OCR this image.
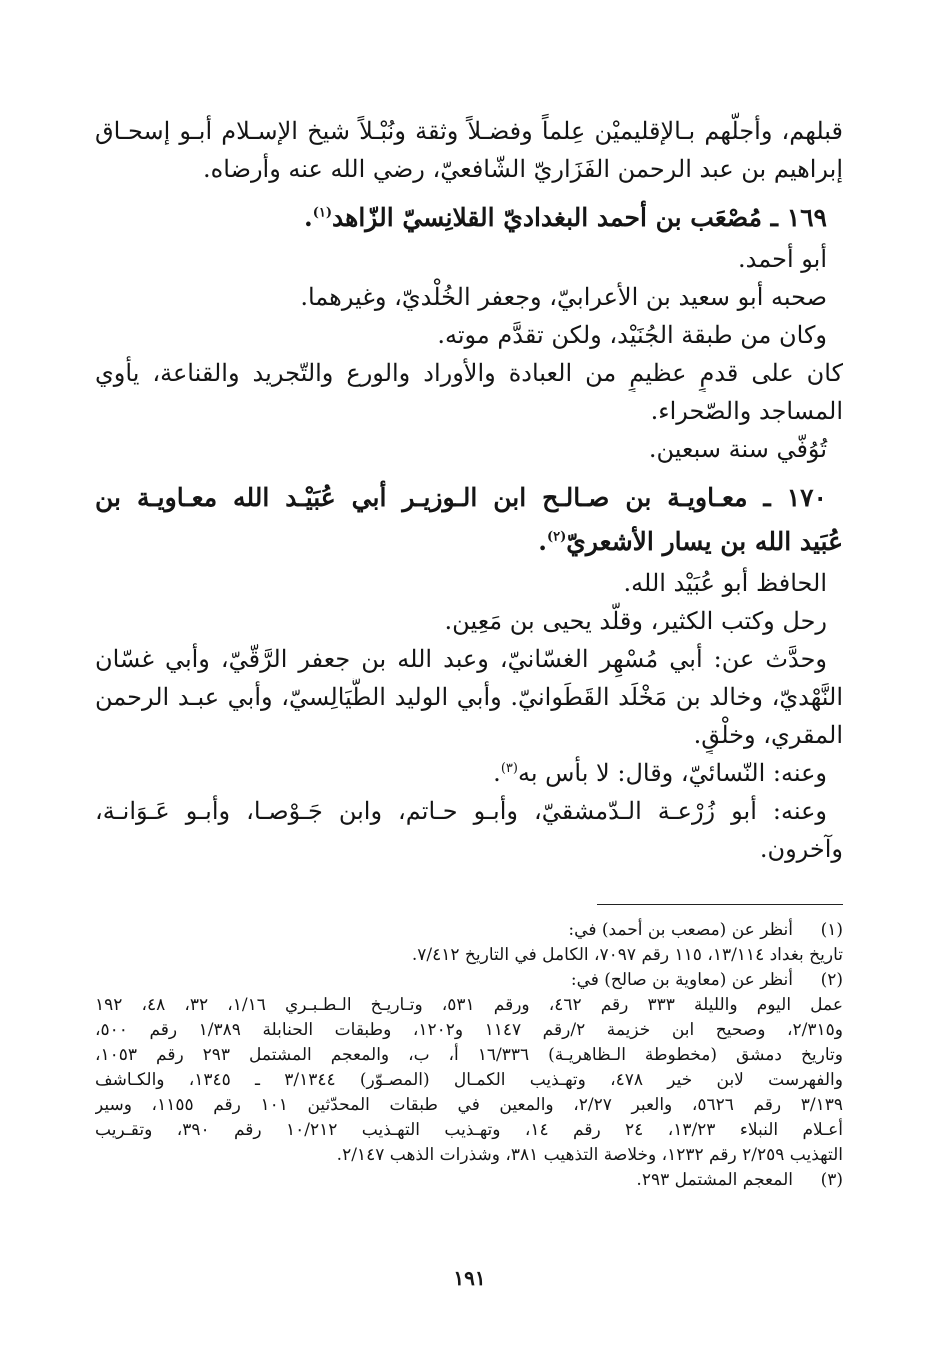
قبلهم، وأجلّهم بـالإقليميْن عِلماً وفضـلاً وثقة ونُبْـلاً شيخ الإسـلام أبـو إسحـاق
إبراهيم بن عبد الرحمن الفَزَاريّ الشّافعيّ، رضي الله عنه وأرضاه.
١٦٩ ـ مُصْعَب بن أحمد البغداديّ القلانِسيّ الزّاهد$^{(١)}$.
أبو أحمد.
صحبه أبو سعيد بن الأعرابيّ، وجعفر الخُلْديّ، وغيرهما.
وكان من طبقة الجُنَيْد، ولكن تقدَّم موته.
كان على قدمٍ عظيمٍ من العبادة والأوراد والورع والتّجريد والقناعة، يأوي
المساجد والصّحراء.
تُوُفّي سنة سبعين.
١٧٠ ـ معـاويـة بن صـالـح ابن الـوزيـر أبي عُبَيْـد الله معـاويـة بن
عُبَيد الله بن يسار الأشعريّ$^{(٢)}$.
الحافظ أبو عُبَيْد الله.
رحل وكتب الكثير، وقلّد يحيى بن مَعِين.
وحدَّث عن: أبي مُسْهِر الغسّانيّ، وعبد الله بن جعفر الرَّقّيّ، وأبي غسّان
النَّهْديّ، وخالد بن مَخْلَد القَطَوانيّ. وأبي الوليد الطَّيَالِسيّ، وأبي عبـد الرحمن
المقري، وخلْقٍ.
وعنه: النّسائيّ، وقال: لا بأس به$^{(٣)}$.
وعنه: أبو زُرْعـة الـدّمشقيّ، وأبـو حـاتم، وابن جَـوْصـا، وأبـو عَـوَانـة،
وآخرون.
(١)
أنظر عن (مصعب بن أحمد) في:
تاريخ بغداد ١٣/١١٤، ١١٥ رقم ٧٠٩٧، الكامل في التاريخ ٧/٤١٢.
(٢)
أنظر عن (معاوية بن صالح) في:
عمل اليوم والليلة ٣٣٣ رقم ٤٦٢، ورقم ٥٣١، وتـاريـخ الـطـبـري ١/١٦، ٣٢، ٤٨، ١٩٢
و٢/٣١٥، وصحيح ابن خزيمة ٢/رقم ١١٤٧ و١٢٠٢، وطبقات الحنابلة ١/٣٨٩ رقم ٥٠٠،
وتاريخ دمشق (مخطوطة الـظاهريـة) ١٦/٣٣٦ أ، ب، والمعجم المشتمل ٢٩٣ رقم ١٠٥٣،
والفهرست لابن خير ٤٧٨، وتهـذيب الكمـال (المصـوّر) ٣/١٣٤٤ ـ ١٣٤٥، والكـاشف
٣/١٣٩ رقم ٥٦٢٦، والعبر ٢/٢٧، والمعين في طبقات المحدّثين ١٠١ رقم ١١٥٥، وسير
أعـلام النبلاء ١٣/٢٣، ٢٤ رقم ١٤، وتهـذيب التهـذيب ١٠/٢١٢ رقم ٣٩٠، وتقـريب
التهذيب ٢/٢٥٩ رقم ١٢٣٢، وخلاصة التذهيب ٣٨١، وشذرات الذهب ٢/١٤٧.
(٣)
المعجم المشتمل ٢٩٣.
١٩١
